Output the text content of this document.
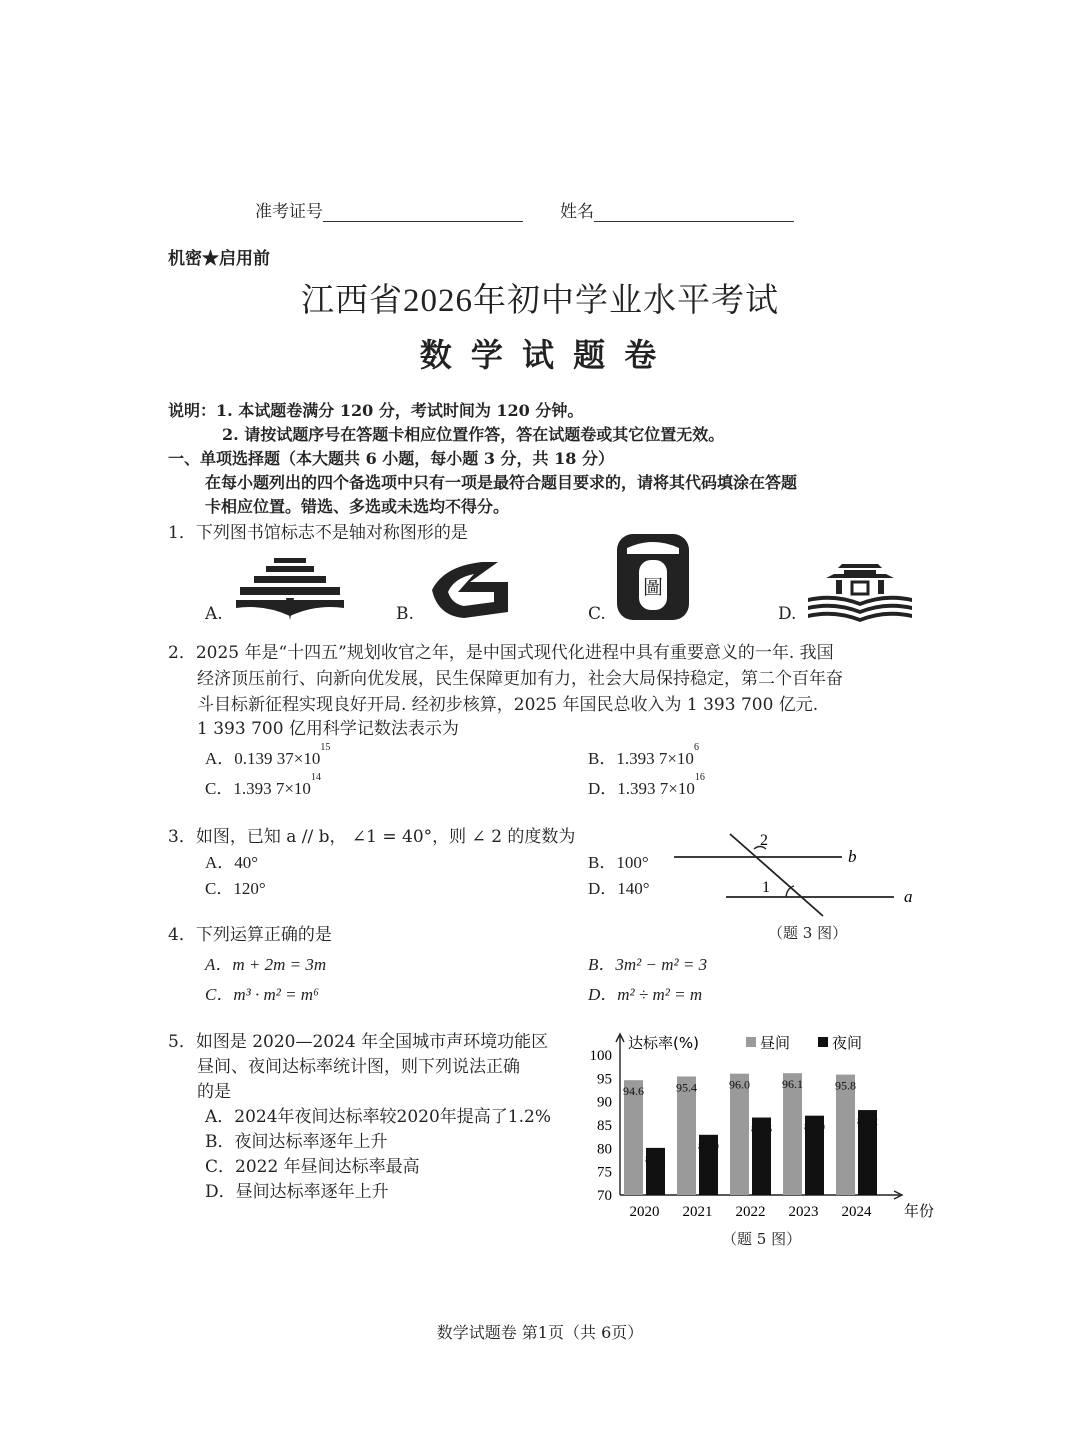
准考证号	姓名
机密★启用前
江西省2026年初中学业水平考试
数 学 试 题 卷
说明：1. 本试题卷满分 120 分，考试时间为 120 分钟。
2. 请按试题序号在答题卡相应位置作答，答在试题卷或其它位置无效。
一、单项选择题（本大题共 6 小题，每小题 3 分，共 18 分）
在每小题列出的四个备选项中只有一项是最符合题目要求的，请将其代码填涂在答题
卡相应位置。错选、多选或未选均不得分。
1．下列图书馆标志不是轴对称图形的是
A.	B.	C.	D.
圖
2．2025 年是“十四五”规划收官之年，是中国式现代化进程中具有重要意义的一年. 我国
经济顶压前行、向新向优发展，民生保障更加有力，社会大局保持稳定，第二个百年奋
斗目标新征程实现良好开局. 经初步核算，2025 年国民总收入为 1 393 700 亿元.
1 393 700 亿用科学记数法表示为
A．0.139 $37\times 10^{15}$
B．1.393 $7\times 10^6$
C．1.393 $7\times 10^{14}$
D．1.393 $7\times 10^{16}$
3．如图，已知 a // b， ∠1 = 40°，则 ∠ 2 的度数为
A．40°	B．100°
C．120°	D．140°
2
1
b
a
（题 3 图）
4．下列运算正确的是
A．m + 2m = 3m	B．3m² − m² = 3
C．m³ · m² = m⁶	D．m² ÷ m² = m
5．如图是 2020—2024 年全国城市声环境功能区
昼间、夜间达标率统计图，则下列说法正确
的是
A．2024年夜间达标率较2020年提高了1.2%
B．夜间达标率逐年上升
C．2022 年昼间达标率最高
D．昼间达标率逐年上升	70
75
80
85
90
95
100
达标率(%)
年份
昼间	夜间
94.6
80.1
2020
95.4
82.9
2021
96.0
86.6
2022
96.1
87.0
2023
95.8
88.2
2024
（题 5 图）
数学试题卷 第1页（共 6页）
